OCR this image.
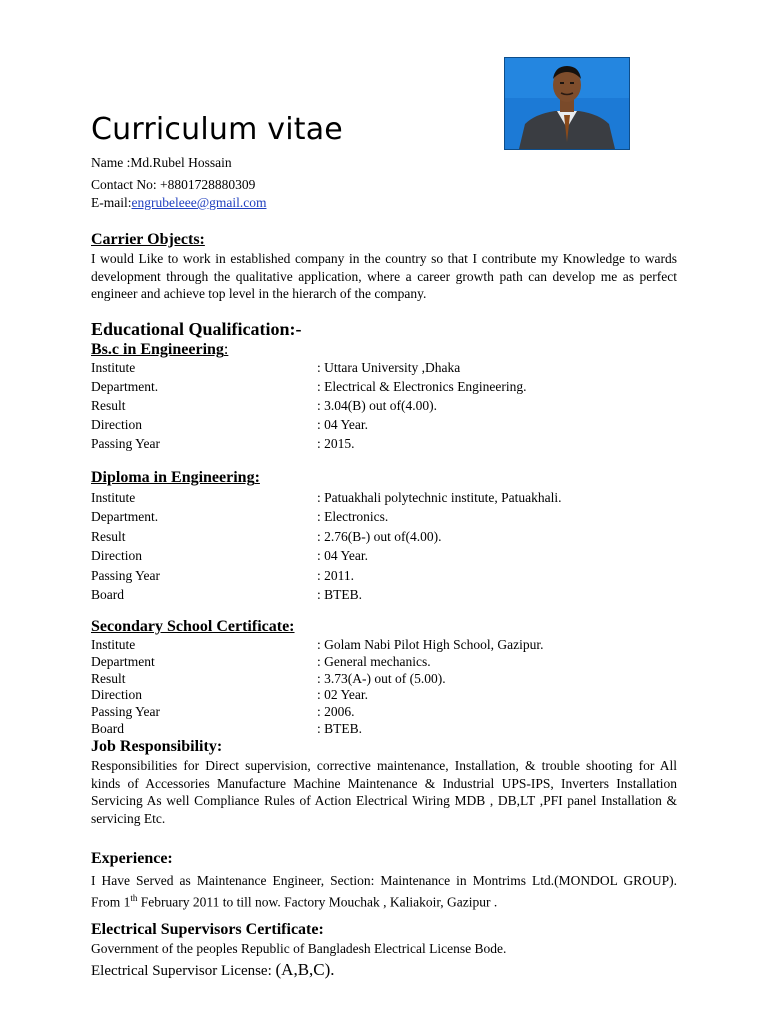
Curriculum vitae
Name :Md.Rubel Hossain
Contact No: +8801728880309
E-mail:engrubeleee@gmail.com
Carrier Objects:
I would Like to work in established company in the country so that I contribute my Knowledge to wards development through the qualitative application, where a career growth path can develop me as perfect engineer and achieve top level in the hierarch of the company.
Educational Qualification:-
Bs.c in Engineering:
Institute	: Uttara University ,Dhaka
Department.	: Electrical & Electronics Engineering.
Result	: 3.04(B) out of(4.00).
Direction	: 04 Year.
Passing Year	: 2015.
Diploma in Engineering:
Institute	: Patuakhali polytechnic institute, Patuakhali.
Department.	: Electronics.
Result	: 2.76(B-) out of(4.00).
Direction	: 04 Year.
Passing Year	: 2011.
Board	: BTEB.
Secondary School Certificate:
Institute	: Golam Nabi Pilot High School, Gazipur.
Department	: General mechanics.
Result	: 3.73(A-) out of (5.00).
Direction	: 02 Year.
Passing Year	: 2006.
Board	: BTEB.
Job Responsibility:
Responsibilities for Direct supervision, corrective maintenance, Installation, & trouble shooting for All kinds of Accessories Manufacture Machine Maintenance & Industrial UPS-IPS, Inverters Installation Servicing As well Compliance Rules of Action Electrical Wiring MDB , DB,LT ,PFI panel Installation & servicing Etc.
Experience:
I Have Served as Maintenance Engineer, Section: Maintenance in Montrims Ltd.(MONDOL GROUP). From 1th February 2011 to till now. Factory Mouchak , Kaliakoir, Gazipur .
Electrical Supervisors Certificate:
Government of the peoples Republic of Bangladesh Electrical License Bode.
Electrical Supervisor License: (A,B,C).
